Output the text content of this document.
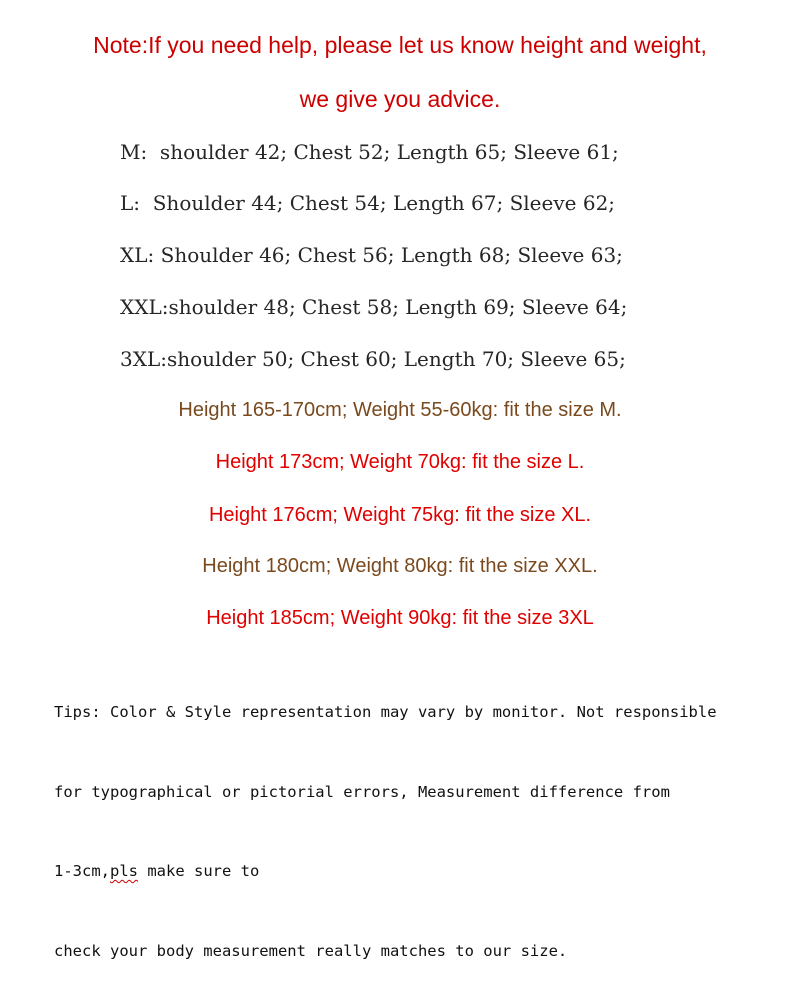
Note:If you need help, please let us know height and weight,
we give you advice.
M:  shoulder 42; Chest 52; Length 65; Sleeve 61;
L:  Shoulder 44; Chest 54; Length 67; Sleeve 62;
XL: Shoulder 46; Chest 56; Length 68; Sleeve 63;
XXL:shoulder 48; Chest 58; Length 69; Sleeve 64;
3XL:shoulder 50; Chest 60; Length 70; Sleeve 65;
Height 165-170cm; Weight 55-60kg: fit the size M.
Height 173cm; Weight 70kg: fit the size L.
Height 176cm; Weight 75kg: fit the size XL.
Height 180cm; Weight 80kg: fit the size XXL.
Height 185cm; Weight 90kg: fit the size 3XL

Tips: Color & Style representation may vary by monitor. Not responsible

for typographical or pictorial errors, Measurement difference from

1-3cm,pls make sure to

check your body measurement really matches to our size.
